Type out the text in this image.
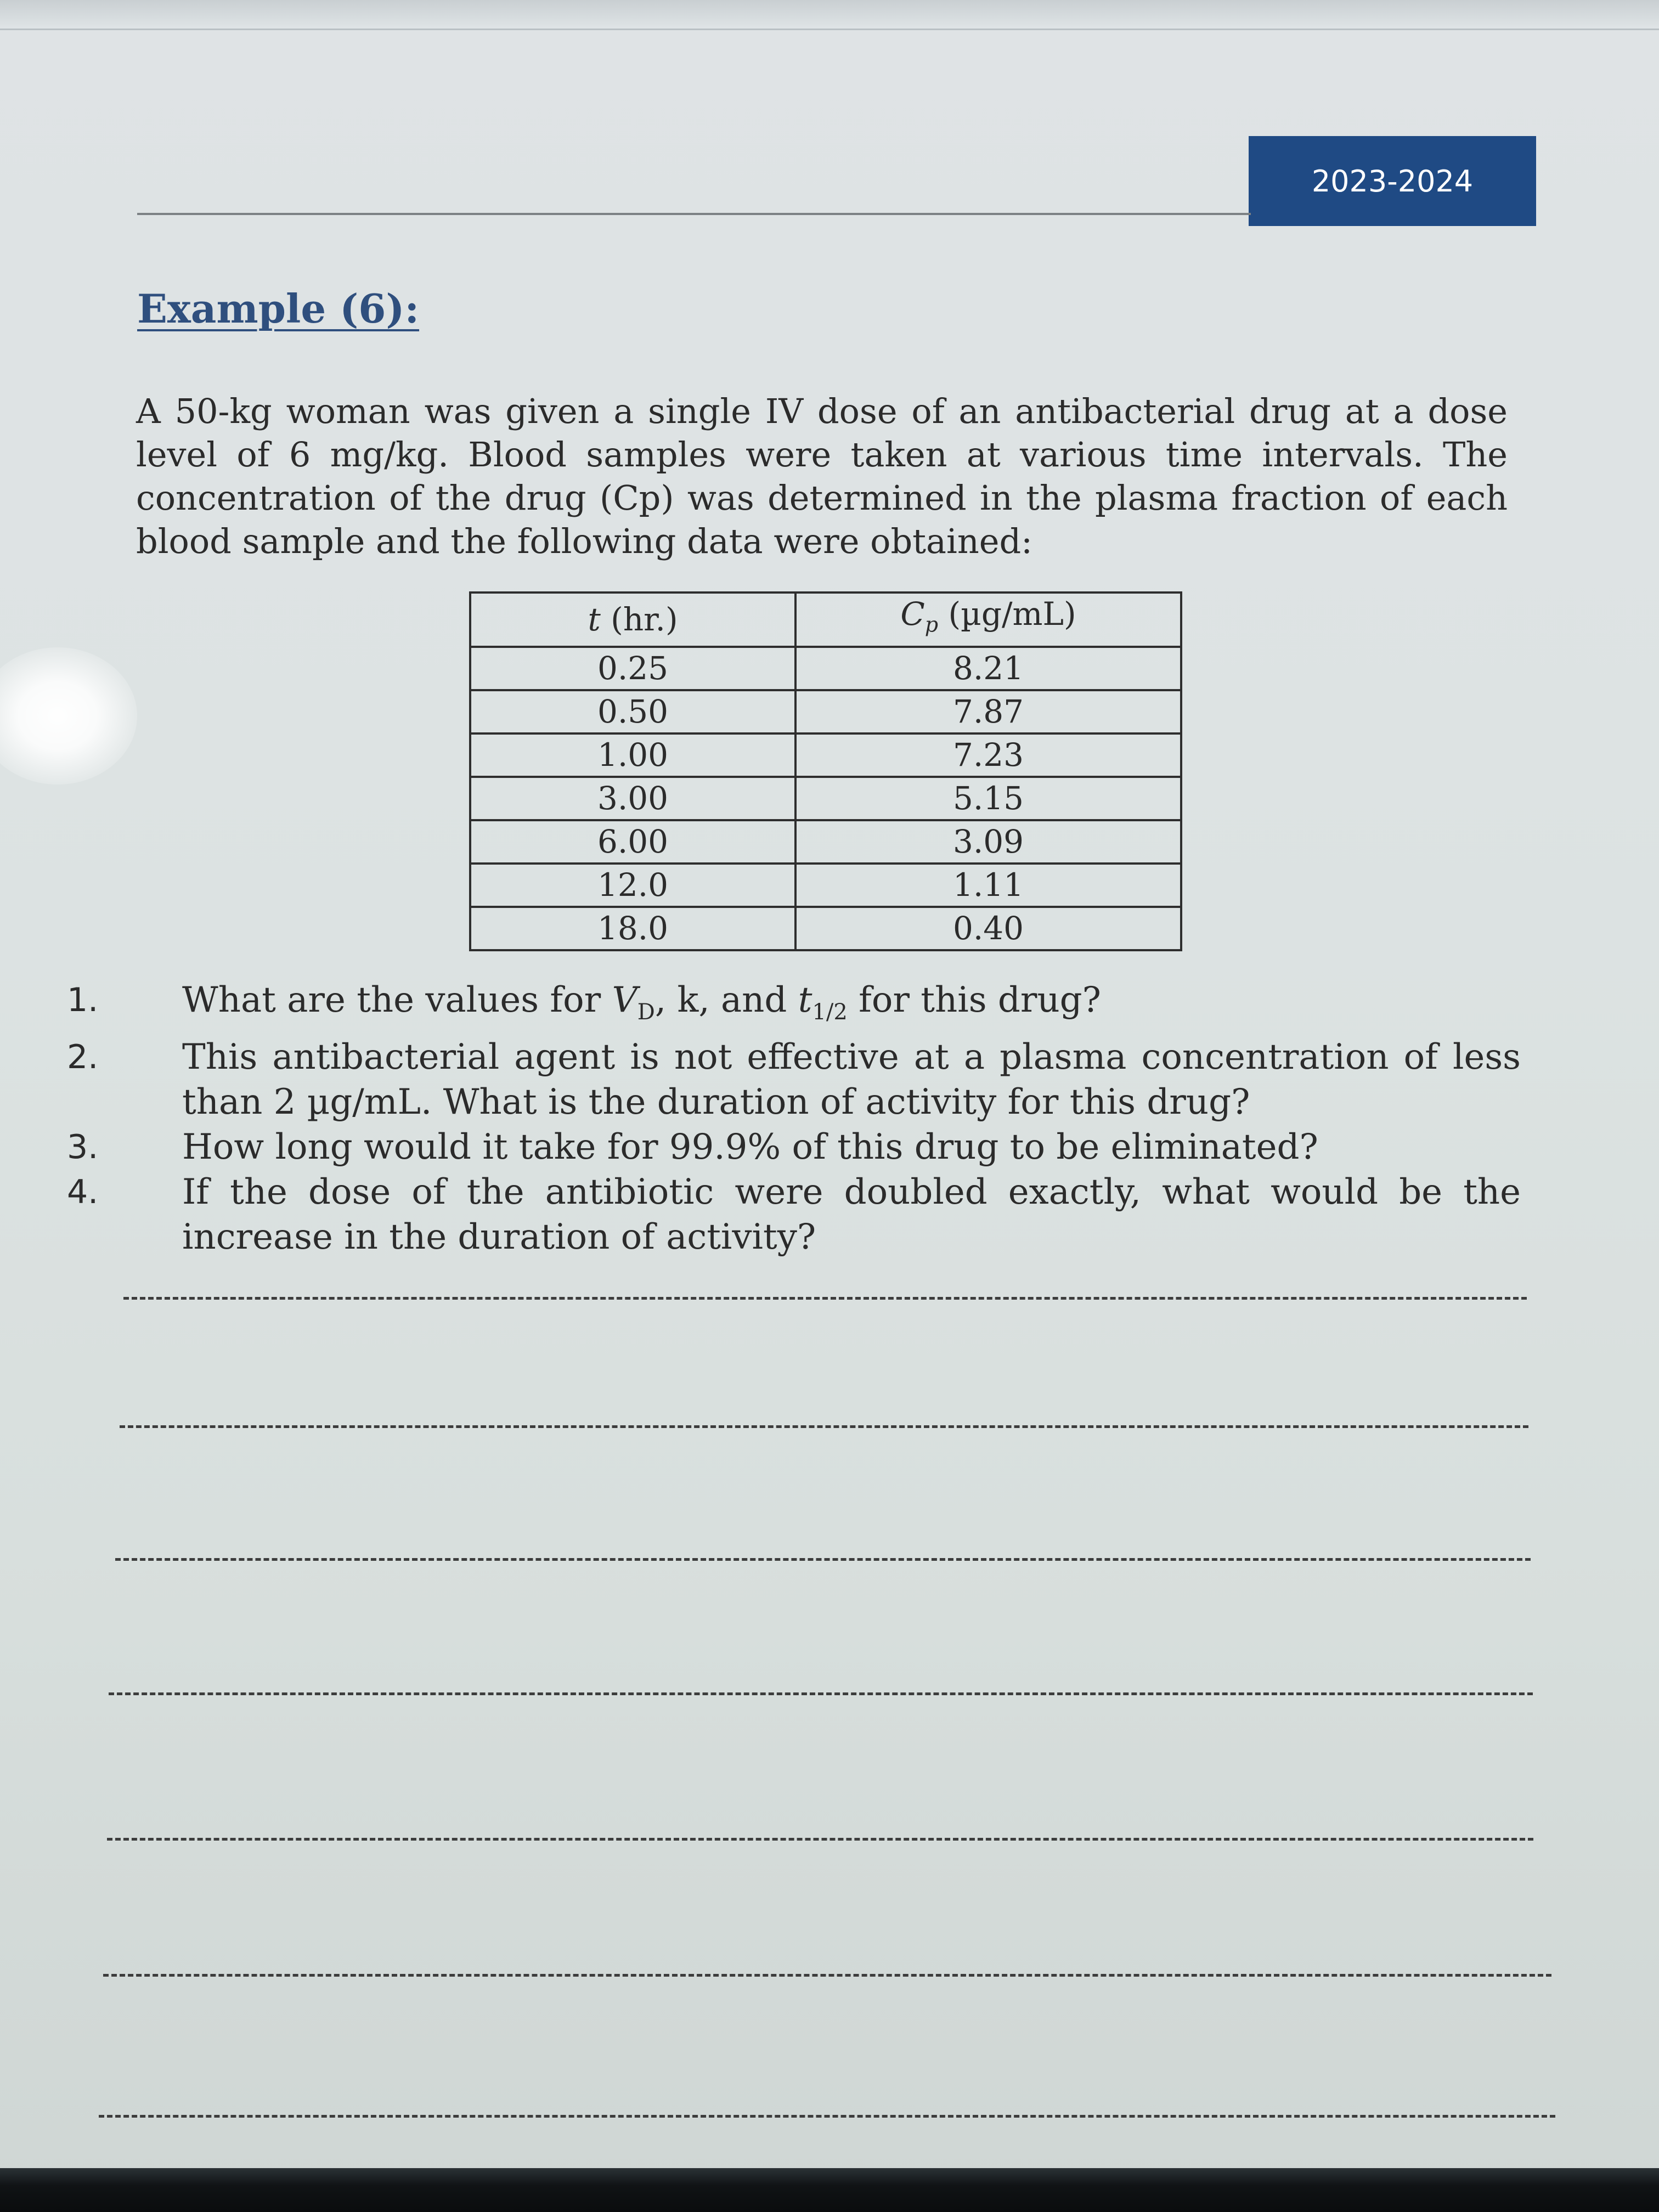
2023-2024
Example (6):

A 50-kg woman was given a single IV dose of an antibacterial drug at a dose level of 6 mg/kg. Blood samples were taken at various time intervals. The concentration of the drug (Cp) was determined in the plasma fraction of each blood sample and the following data were obtained:

t (hr.)	$C_p$ (µg/mL)
0.25	8.21
0.50	7.87
1.00	7.23
3.00	5.15
6.00	3.09
12.0	1.11
18.0	0.40
1. What are the values for $V_D$, k, and $t_{1/2}$ for this drug?
2. This antibacterial agent is not effective at a plasma concentration of less than 2 µg/mL. What is the duration of activity for this drug?
3. How long would it take for 99.9% of this drug to be eliminated?
4. If the dose of the antibiotic were doubled exactly, what would be the increase in the duration of activity?
